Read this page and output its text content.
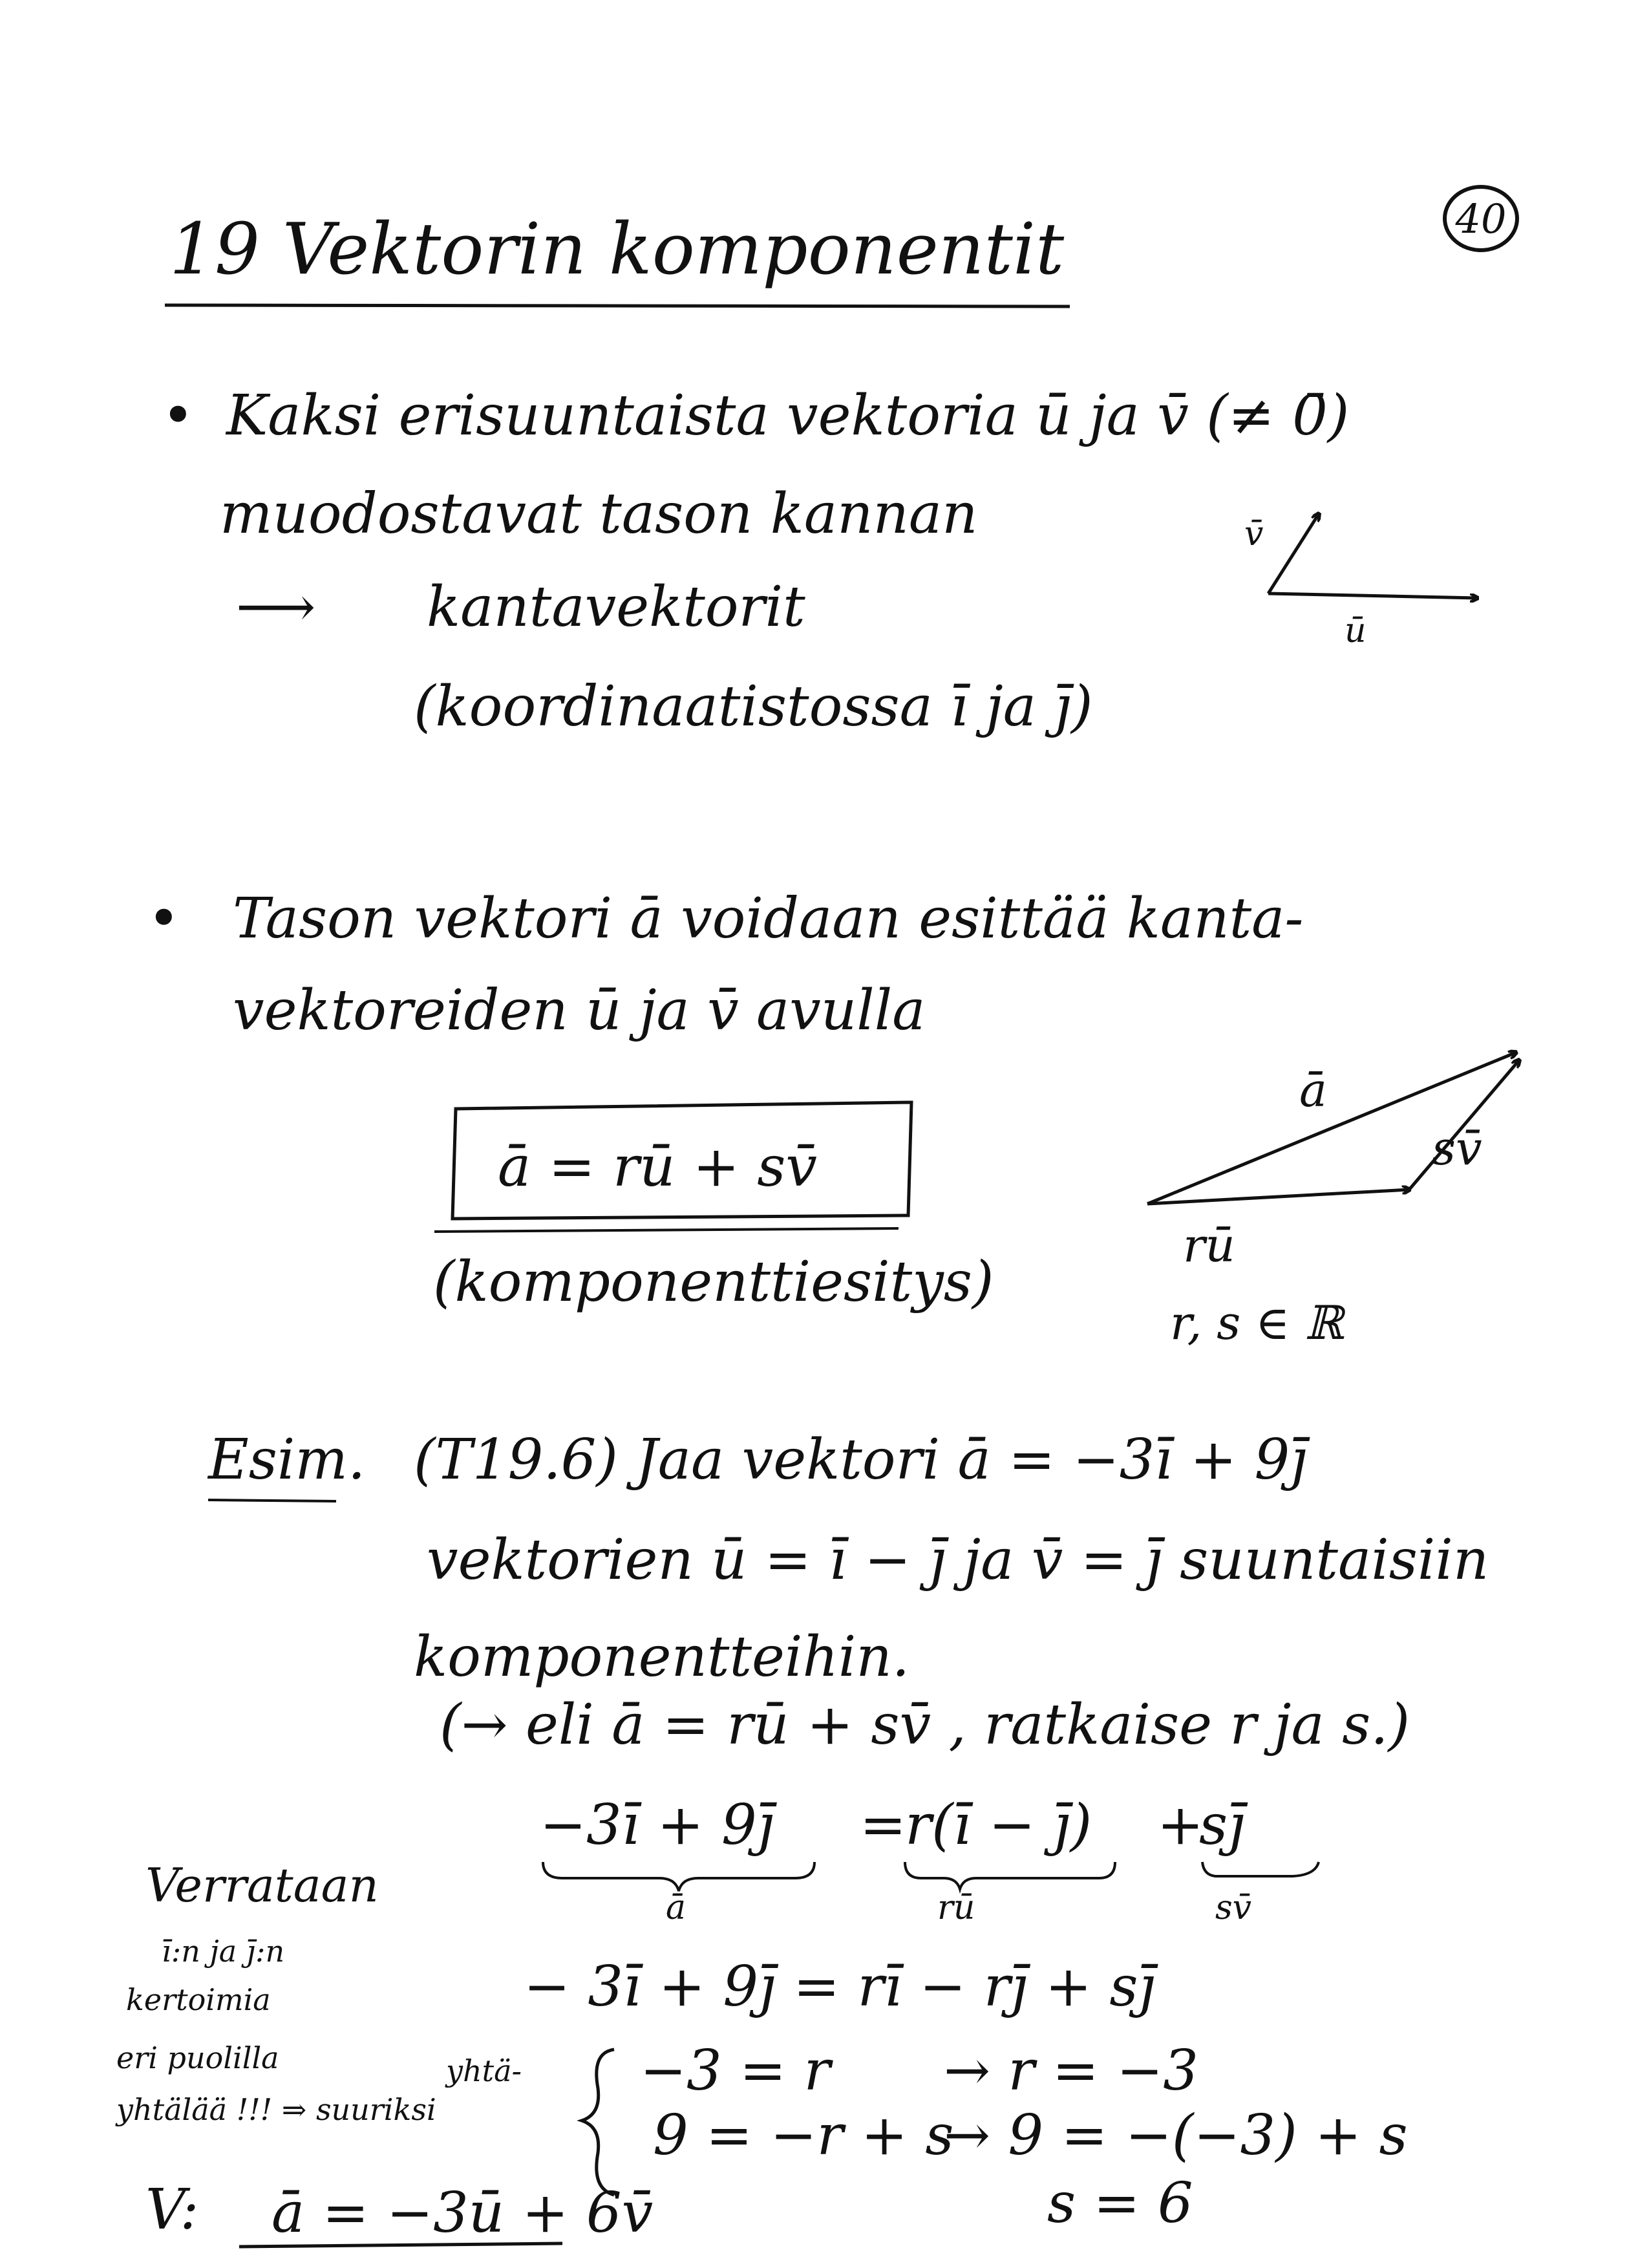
19 Vektorin komponentit	40
• Kaksi erisuuntaista vektoria ū ja v̄ (≠ 0̄)
muodostavat tason kannan
⟶ kantavektorit
(koordinaatistossa ī ja j̄)
v̄
ū
• Tason vektori ā voidaan esittää kanta-
vektoreiden ū ja v̄ avulla
ā = rū + sv̄
(komponenttiesitys)
ā
sv̄
rū
r, s ∈ ℝ
Esim. (T19.6) Jaa vektori ā = −3ī + 9j̄
vektorien ū = ī − j̄ ja v̄ = j̄ suuntaisiin
komponentteihin.
(→ eli ā = rū + sv̄ , ratkaise r ja s.)
−3ī + 9j̄ =
r(ī − j̄) +
sj̄
ā	rū	sv̄
− 3ī + 9j̄ = rī − rj̄ + sj̄
Verrataan
ī:n ja j̄:n
kertoimia
eri puolilla	yhtä-
yhtälää !!! ⇒ suuriksi
−3 = r → r = −3
9 = −r + s
→ 9 = −(−3) + s
s = 6
V: ā = −3ū + 6v̄
